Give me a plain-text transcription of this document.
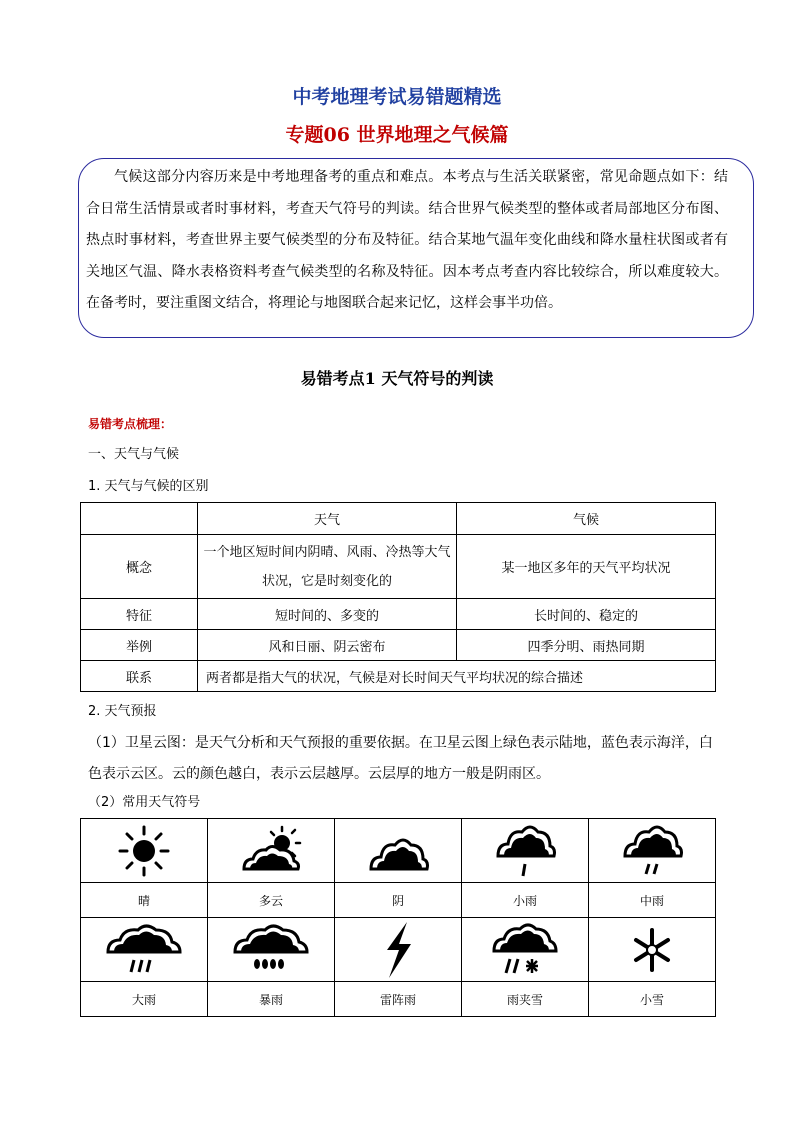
中考地理考试易错题精选
专题06 世界地理之气候篇
气候这部分内容历来是中考地理备考的重点和难点。本考点与生活关联紧密，常见命题点如下：结合日常生活情景或者时事材料，考查天气符号的判读。结合世界气候类型的整体或者局部地区分布图、热点时事材料，考查世界主要气候类型的分布及特征。结合某地气温年变化曲线和降水量柱状图或者有关地区气温、降水表格资料考查气候类型的名称及特征。因本考点考查内容比较综合，所以难度较大。在备考时，要注重图文结合，将理论与地图联合起来记忆，这样会事半功倍。
易错考点1 天气符号的判读
易错考点梳理：
一、天气与气候
1. 天气与气候的区别
	天气	气候
概念	一个地区短时间内阴晴、风雨、冷热等大气状况，它是时刻变化的	某一地区多年的天气平均状况
特征	短时间的、多变的	长时间的、稳定的
举例	风和日丽、阴云密布	四季分明、雨热同期
联系	两者都是指大气的状况，气候是对长时间天气平均状况的综合描述	
2. 天气预报
（1）卫星云图：是天气分析和天气预报的重要依据。在卫星云图上绿色表示陆地，蓝色表示海洋，白色表示云区。云的颜色越白，表示云层越厚。云层厚的地方一般是阴雨区。
（2）常用天气符号

晴	多云	阴	小雨	中雨

大雨	暴雨	雷阵雨	雨夹雪	小雪
